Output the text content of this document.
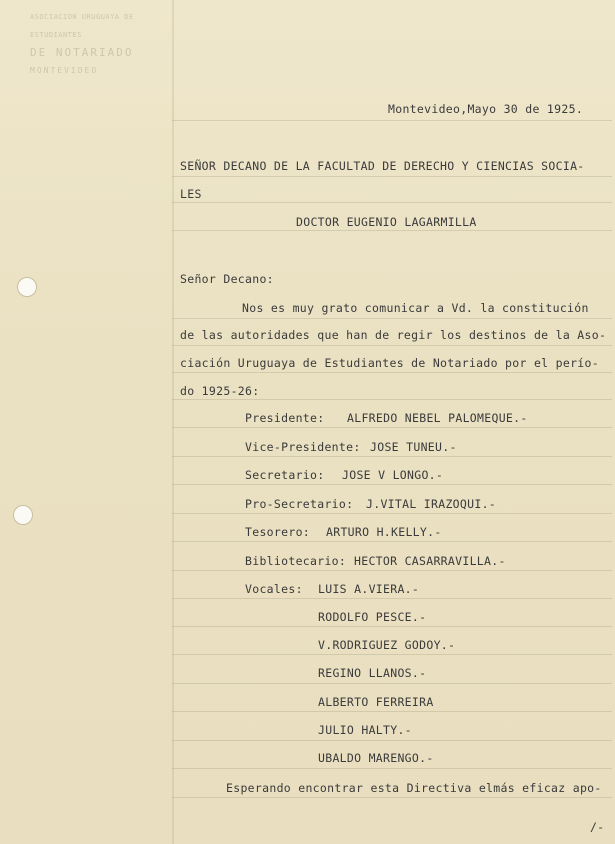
ASOCIACION URUGUAYA DE ESTUDIANTES
DE NOTARIADO
MONTEVIDEO
Montevideo,Mayo 30 de 1925.
SEÑOR DECANO DE LA FACULTAD DE DERECHO Y CIENCIAS SOCIA-
LES
DOCTOR EUGENIO LAGARMILLA
Señor Decano:
Nos es muy grato comunicar a Vd. la constitución
de las autoridades que han de regir los destinos de la Aso-
ciación Uruguaya de Estudiantes de Notariado por el perío-
do 1925-26:
Presidente: ALFREDO NEBEL PALOMEQUE.-
Vice-Presidente: JOSE TUNEU.-
Secretario: JOSE V LONGO.-
Pro-Secretario: J.VITAL IRAZOQUI.-
Tesorero: ARTURO H.KELLY.-
Bibliotecario: HECTOR CASARRAVILLA.-
Vocales: LUIS A.VIERA.-
RODOLFO PESCE.-
V.RODRIGUEZ GODOY.-
REGINO LLANOS.-
ALBERTO FERREIRA
JULIO HALTY.-
UBALDO MARENGO.-
Esperando encontrar esta Directiva elmás eficaz apo-
/-
